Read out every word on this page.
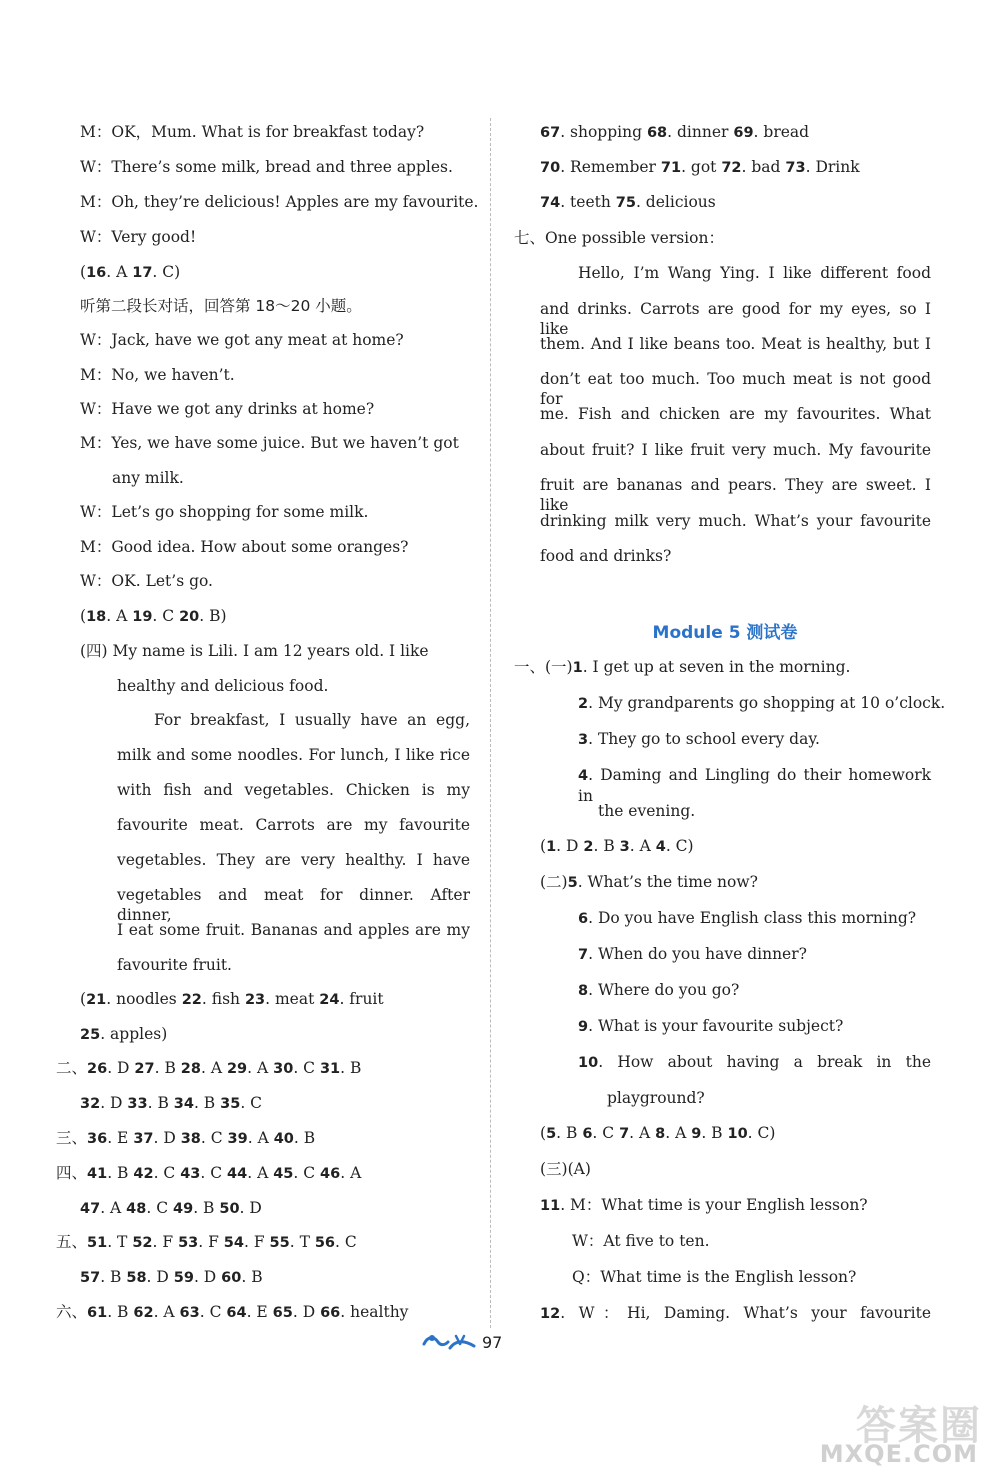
M：OK，Mum. What is for breakfast today?
W：There’s some milk, bread and three apples.
M：Oh, they’re delicious! Apples are my favourite.
W：Very good!
(16. A 17. C)
听第二段长对话，回答第 18～20 小题。
W：Jack, have we got any meat at home?
M：No, we haven’t.
W：Have we got any drinks at home?
M：Yes, we have some juice. But we haven’t got
any milk.
W：Let’s go shopping for some milk.
M：Good idea. How about some oranges?
W：OK. Let’s go.
(18. A 19. C 20. B)
(四) My name is Lili. I am 12 years old. I like
healthy and delicious food.
For breakfast, I usually have an egg,
milk and some noodles. For lunch, I like rice
with fish and vegetables. Chicken is my
favourite meat. Carrots are my favourite
vegetables. They are very healthy. I have
vegetables and meat for dinner. After dinner,
I eat some fruit. Bananas and apples are my
favourite fruit.
(21. noodles 22. fish 23. meat 24. fruit
25. apples)
二、26. D 27. B 28. A 29. A 30. C 31. B
32. D 33. B 34. B 35. C
三、36. E 37. D 38. C 39. A 40. B
四、41. B 42. C 43. C 44. A 45. C 46. A
47. A 48. C 49. B 50. D
五、51. T 52. F 53. F 54. F 55. T 56. C
57. B 58. D 59. D 60. B
六、61. B 62. A 63. C 64. E 65. D 66. healthy
67. shopping 68. dinner 69. bread
70. Remember 71. got 72. bad 73. Drink
74. teeth 75. delicious
七、One possible version：
Hello, I’m Wang Ying. I like different food
and drinks. Carrots are good for my eyes, so I like
them. And I like beans too. Meat is healthy, but I
don’t eat too much. Too much meat is not good for
me. Fish and chicken are my favourites. What
about fruit? I like fruit very much. My favourite
fruit are bananas and pears. They are sweet. I like
drinking milk very much. What’s your favourite
food and drinks?
Module 5 测试卷
一、(一)1. I get up at seven in the morning.
2. My grandparents go shopping at 10 o’clock.
3. They go to school every day.
4. Daming and Lingling do their homework in
the evening.
(1. D 2. B 3. A 4. C)
(二)5. What’s the time now?
6. Do you have English class this morning?
7. When do you have dinner?
8. Where do you go?
9. What is your favourite subject?
10. How about having a break in the
playground?
(5. B 6. C 7. A 8. A 9. B 10. C)
(三)(A)
11. M：What time is your English lesson?
W：At five to ten.
Q：What time is the English lesson?
12. W：Hi, Daming. What’s your favourite
97
答案圈
MXQE.COM
